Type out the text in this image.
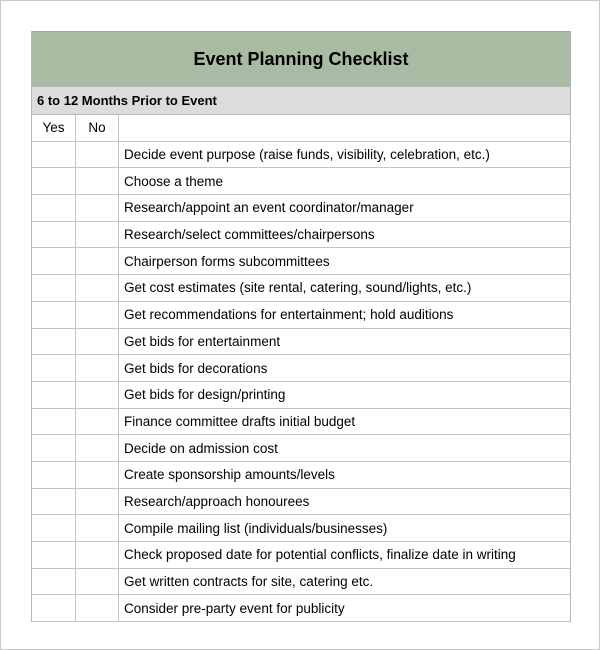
Event Planning Checklist
6 to 12 Months Prior to Event
Yes	No
Decide event purpose (raise funds, visibility, celebration, etc.)
Choose a theme
Research/appoint an event coordinator/manager
Research/select committees/chairpersons
Chairperson forms subcommittees
Get cost estimates (site rental, catering, sound/lights, etc.)
Get recommendations for entertainment; hold auditions
Get bids for entertainment
Get bids for decorations
Get bids for design/printing
Finance committee drafts initial budget
Decide on admission cost
Create sponsorship amounts/levels
Research/approach honourees
Compile mailing list (individuals/businesses)
Check proposed date for potential conflicts, finalize date in writing
Get written contracts for site, catering etc.
Consider pre-party event for publicity
